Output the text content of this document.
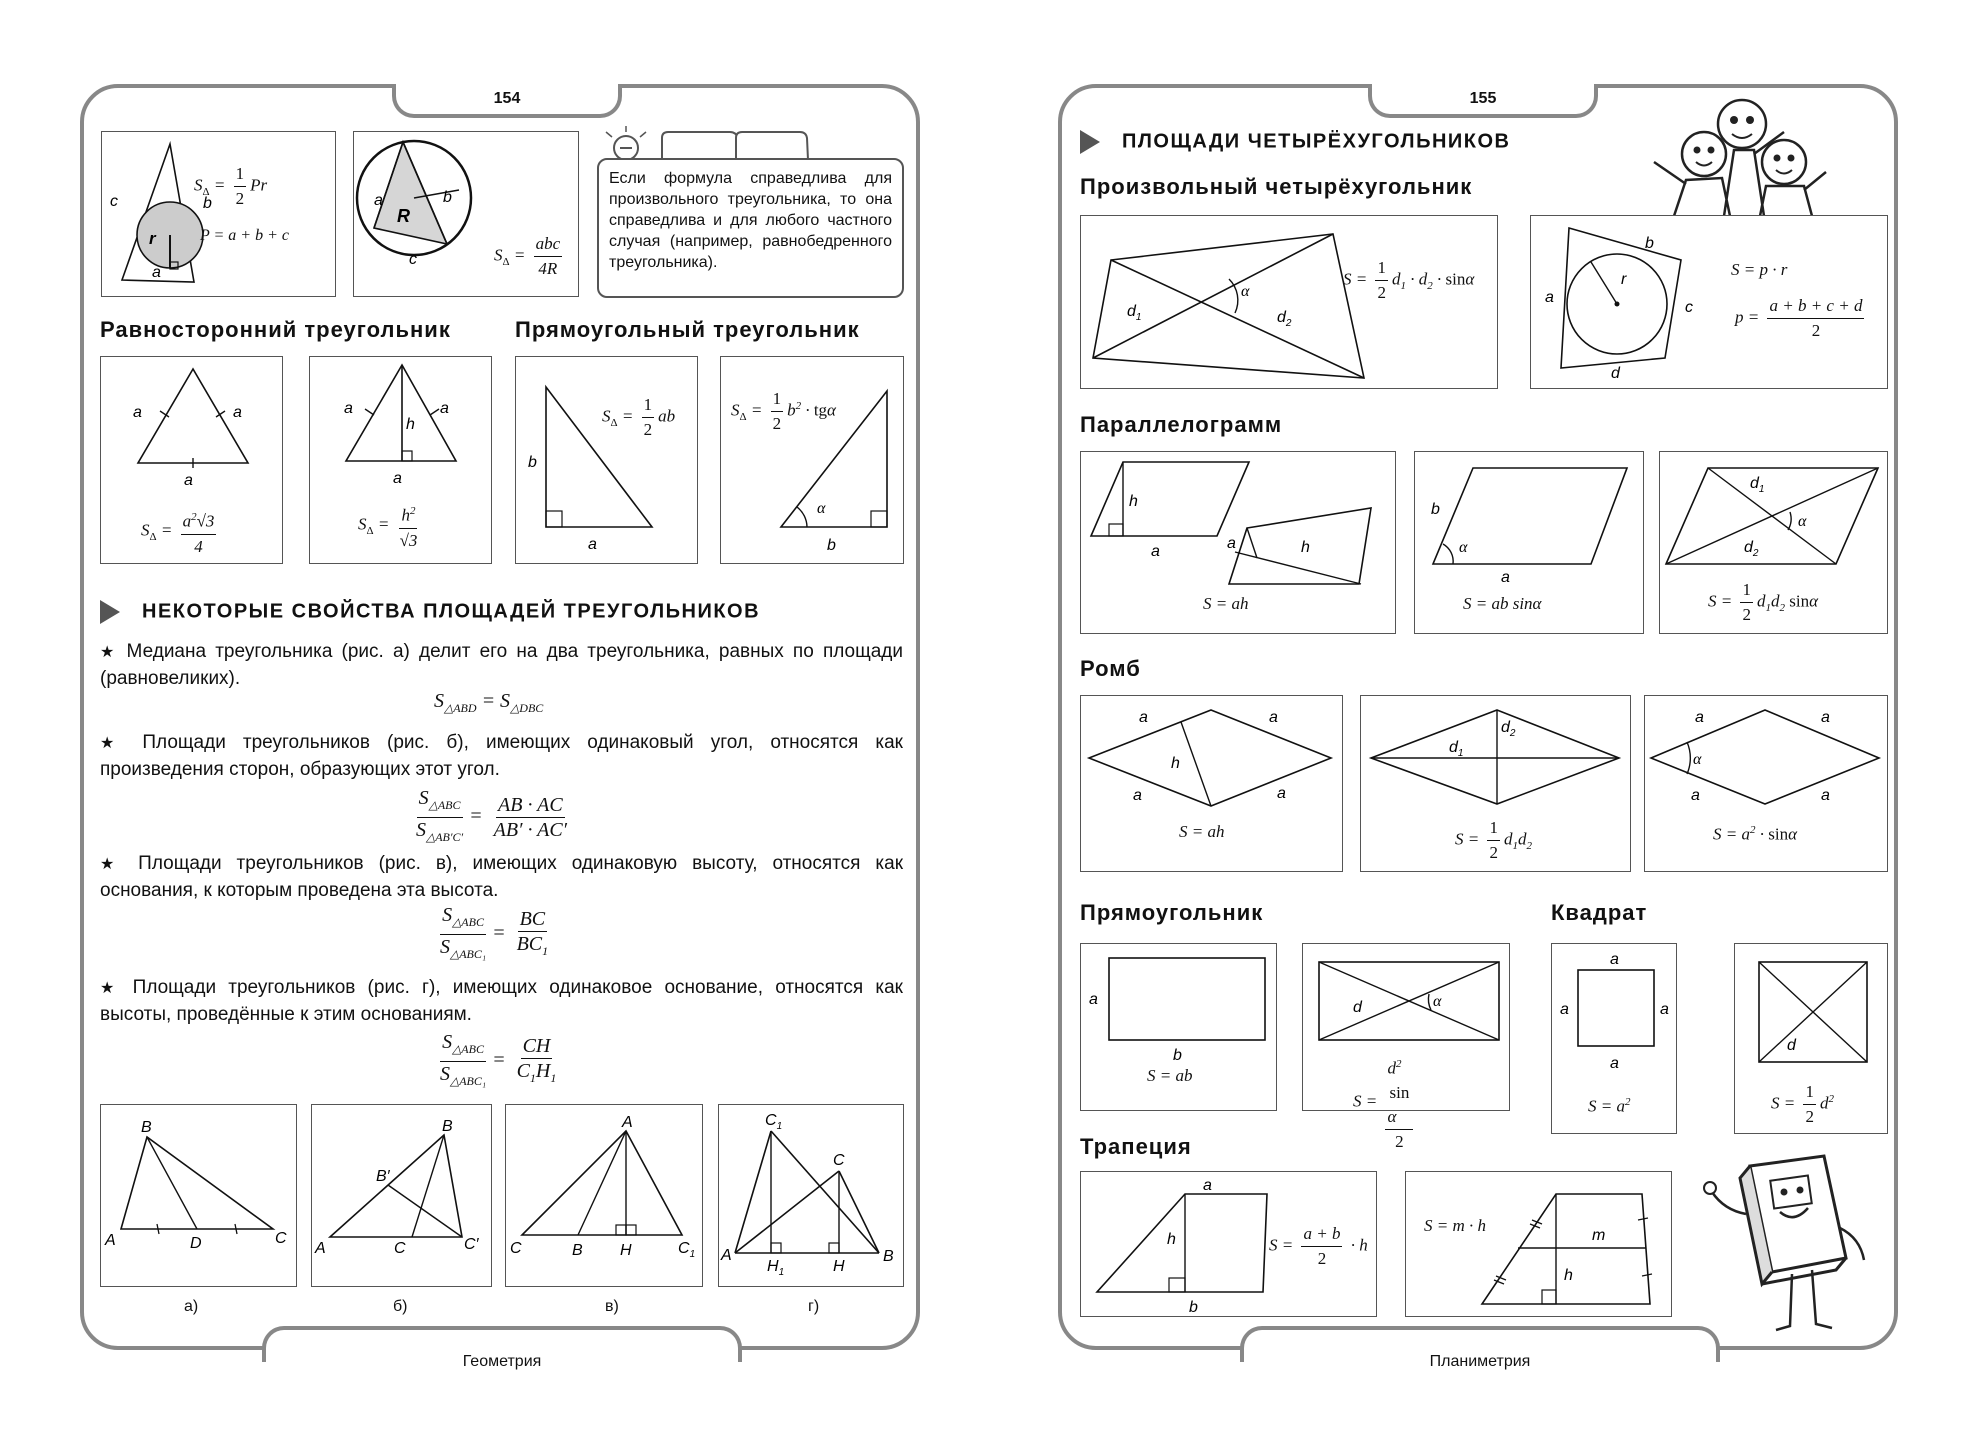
154
Геометрия
c	b
a
r
$S_\Delta = \frac{1}{2}$ Pr
P = a + b + c
R
a	b
c	$S_\Delta = \frac{\text{abc}}{4R}$
Если формула справедлива для произвольного треугольника, то она справедлива и для любого частного случая (например, равнобедренного треугольника).
Равносторонний треугольник	Прямоугольный треугольник
a	a
a
$S_\Delta = \frac{a^2√3}{4}$
a	a
h
a
$S_\Delta = \frac{h^2}{√3}$
b
a
$S_\Delta = \frac{1}{2}$ ab
α
b
$S_\Delta = \frac{1}{2} b^2 \cdot tg\alpha$
НЕКОТОРЫЕ СВОЙСТВА ПЛОЩАДЕЙ ТРЕУГОЛЬНИКОВ
★ Медиана треугольника (рис. а) делит его на два треугольника, равных по площади (равновеликих).
$S_{\triangle ABD} = S_{\triangle DBC}$
★ Площади треугольников (рис. б), имеющих одинаковый угол, относятся как произведения сторон, образующих этот угол.
$\frac{S_{\triangle ABC}}{S_{\triangle AB'C'}} = \frac{AB \cdot AC}{AB' \cdot AC'}$
★ Площади треугольников (рис. в), имеющих одинаковую высоту, относятся как основания, к которым проведена эта высота.
$\frac{S_{\triangle ABC}}{S_{\triangle ABC_1}} = \frac{BC}{BC_1}$
★ Площади треугольников (рис. г), имеющих одинаковое основание, относятся как высоты, проведённые к этим основаниям.
$\frac{S_{\triangle ABC}}{S_{\triangle ABC_1}} = \frac{CH}{C_1H_1}$
B
A	D	C
B
B′
A	C	C′
A
C	B H	$C_1$
$C_1$
C
A
$H_1$	H
B
а)	б)	в)	г)
155
Планиметрия
ПЛОЩАДИ ЧЕТЫРЁХУГОЛЬНИКОВ
Произвольный четырёхугольник
α
$d_1$	$d_2$
$S = \frac{1}{2} d_1 \cdot d_2 \cdot \sin\alpha$	r
b
a
c
d
S = p · r
$p = \frac{a + b + c + d}{2}$
Параллелограмм
h
a	a	h
S = ah
α
b
a
S = ab sinα
α
$d_1$
$d_2$
$S = \frac{1}{2} d_1d_2$ sinα
Ромб
a	a
a	a
h
S = ah
$d_1$
$d_2$
$S = \frac{1}{2} d_1d_2$
α
a	a
a	a
$S = a^2 \cdot \sin\alpha$
Прямоугольник	Квадрат
a
b
S = ab
α
d
$S = d^2$
sin
α
2
a
a	a
a
$S = a^2$
d
$S = \frac{1}{2} d^2$
Трапеция
a
h
b
$S = \frac{a + b}{2} \cdot h$	m
h
S = m · h
